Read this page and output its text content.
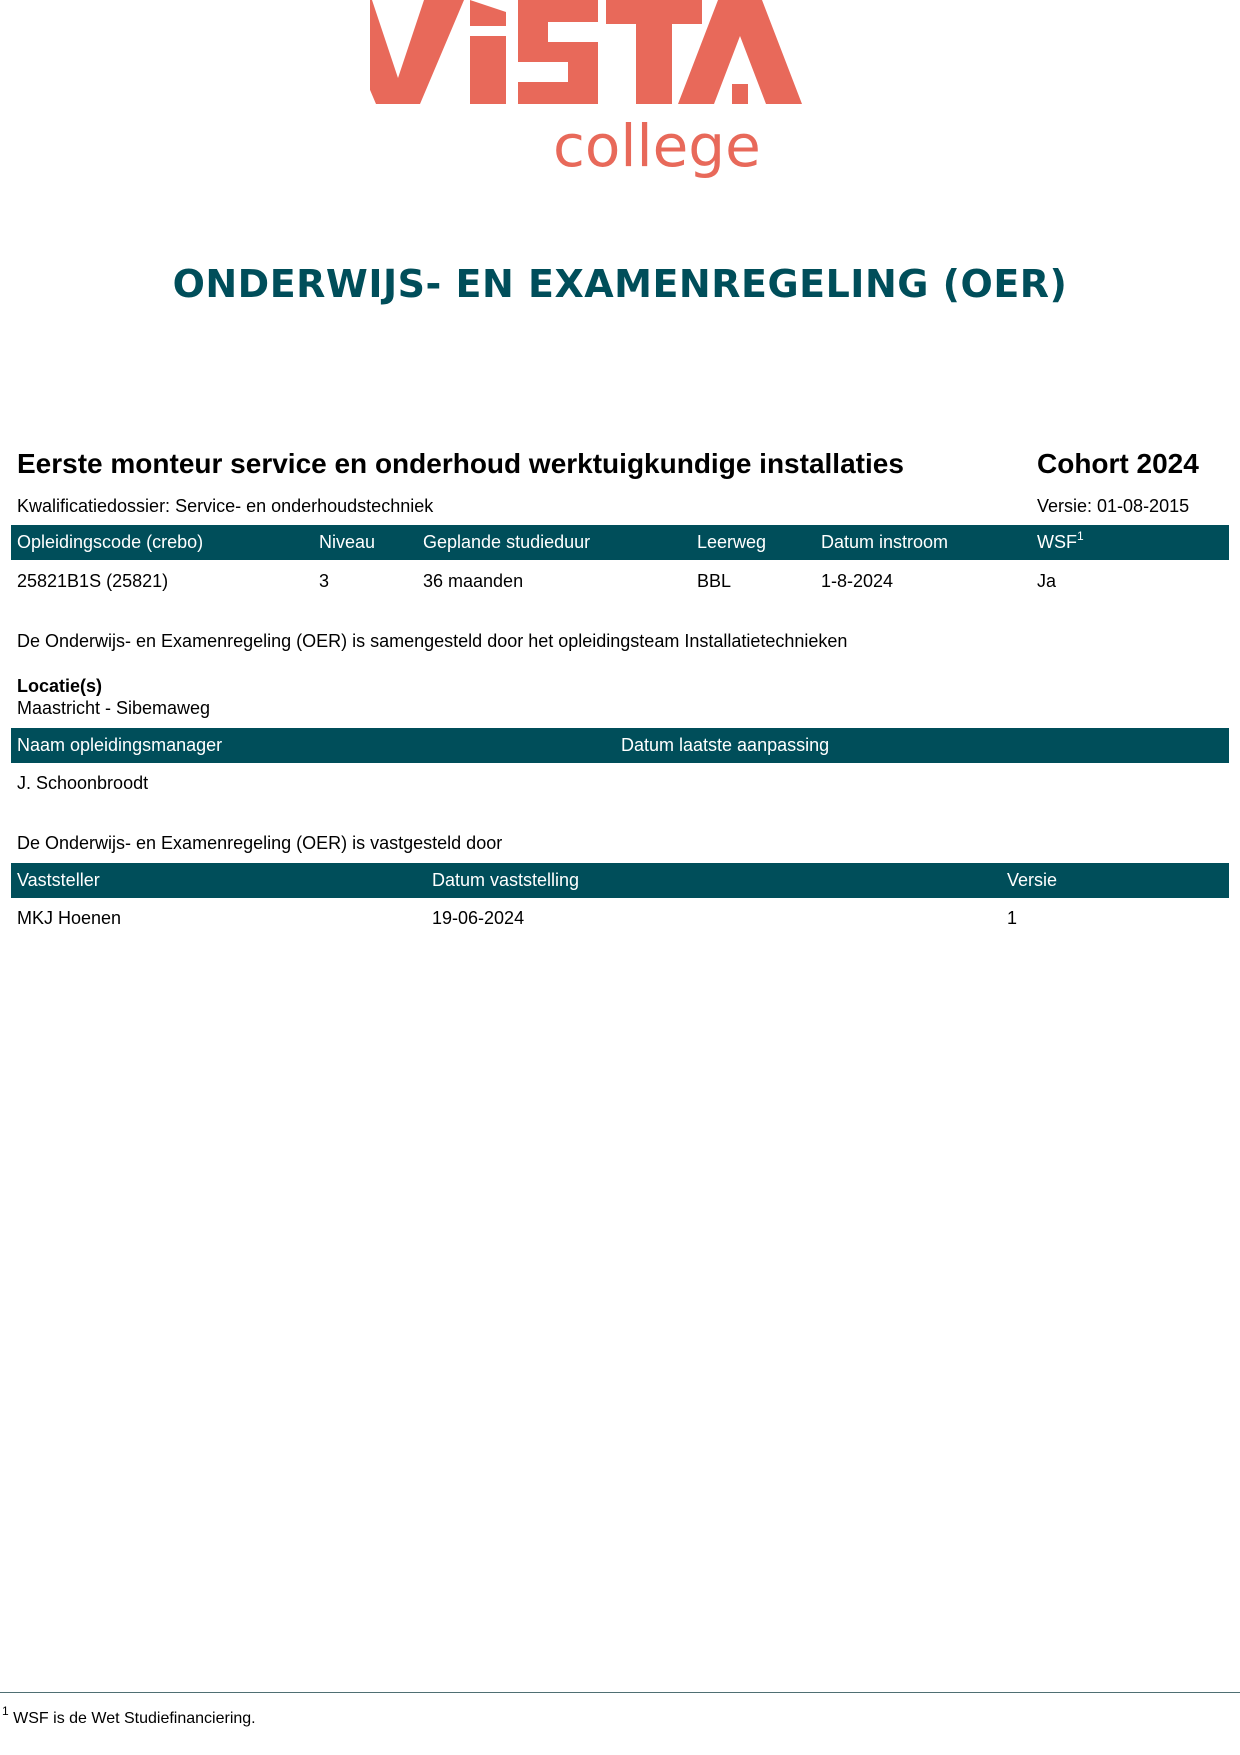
college
ONDERWIJS- EN EXAMENREGELING (OER)
Eerste monteur service en onderhoud werktuigkundige installaties	Cohort 2024
Kwalificatiedossier: Service- en onderhoudstechniek	Versie: 01-08-2015
Opleidingscode (crebo)	Niveau	Geplande studieduur	Leerweg	Datum instroom	WSF$^1$
25821B1S (25821)	3	36 maanden	BBL	1-8-2024	Ja
De Onderwijs- en Examenregeling (OER) is samengesteld door het opleidingsteam Installatietechnieken
Locatie(s)
Maastricht - Sibemaweg
Naam opleidingsmanager	Datum laatste aanpassing
J. Schoonbroodt
De Onderwijs- en Examenregeling (OER) is vastgesteld door
Vaststeller	Datum vaststelling	Versie
MKJ Hoenen	19-06-2024	1
$^1$ WSF is de Wet Studiefinanciering.
